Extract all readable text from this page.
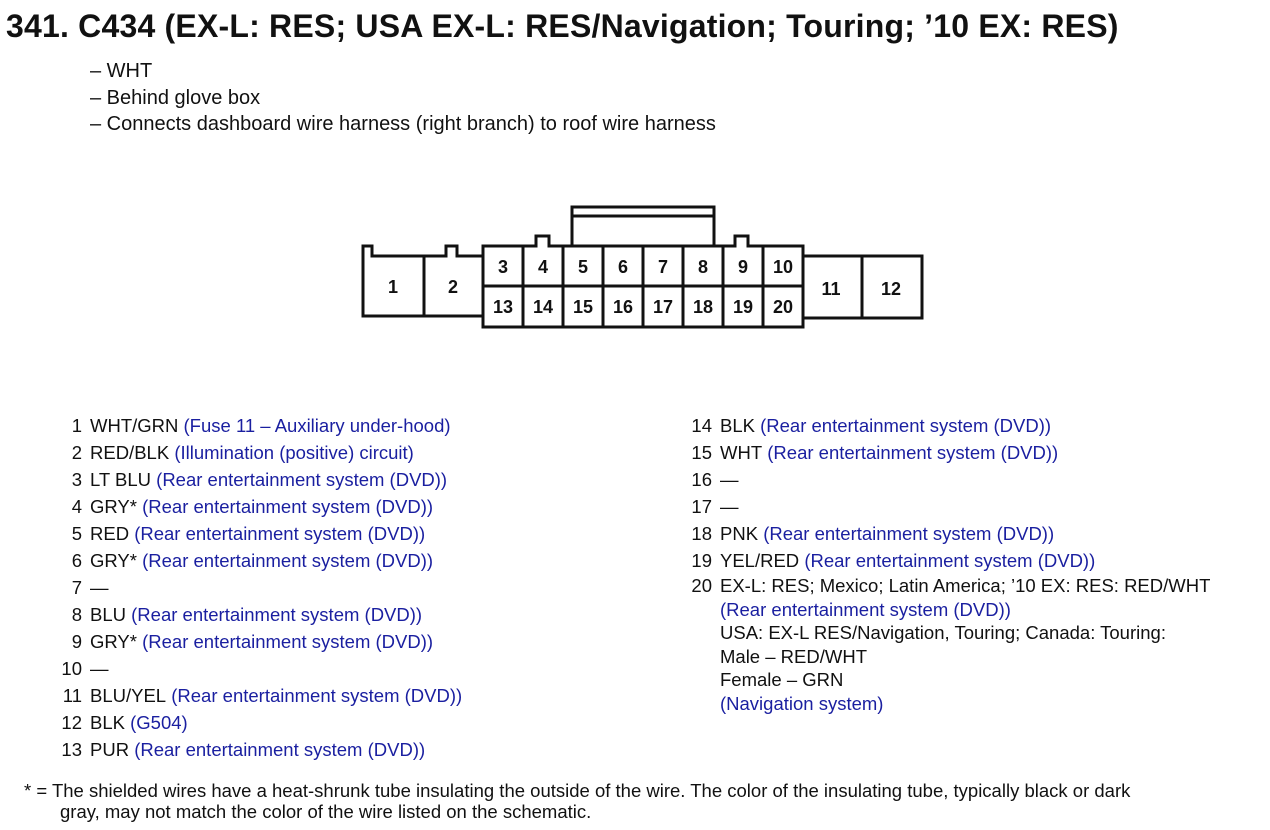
341. C434 (EX-L: RES; USA EX-L: RES/Navigation; Touring; ’10 EX: RES)
– WHT
– Behind glove box
– Connects dashboard wire harness (right branch) to roof wire harness
1	2
3 4 5 6 7 8 9 10
13 14 15 16 17 18 19 20
11 12
1 WHT/GRN
(Fuse 11 – Auxiliary under-hood)
2 RED/BLK
(Illumination (positive) circuit)
3 LT BLU
(Rear entertainment system (DVD))
4 GRY*
(Rear entertainment system (DVD))
5 RED
(Rear entertainment system (DVD))
6 GRY*
(Rear entertainment system (DVD))
7 —

8 BLU
(Rear entertainment system (DVD))
9 GRY*
(Rear entertainment system (DVD))
10 —

11 BLU/YEL
(Rear entertainment system (DVD))
12 BLK
(G504)
13 PUR
(Rear entertainment system (DVD))
14 BLK
(Rear entertainment system (DVD))
15 WHT
(Rear entertainment system (DVD))
16 —

17 —

18 PNK
(Rear entertainment system (DVD))
19 YEL/RED
(Rear entertainment system (DVD))
20 EX-L: RES; Mexico; Latin America; ’10 EX: RES: RED/WHT
(Rear entertainment system (DVD))
USA: EX-L RES/Navigation, Touring; Canada: Touring:
Male – RED/WHT
Female – GRN
(Navigation system)
* = The shielded wires have a heat-shrunk tube insulating the outside of the wire. The color of the insulating tube, typically black or dark
gray, may not match the color of the wire listed on the schematic.
